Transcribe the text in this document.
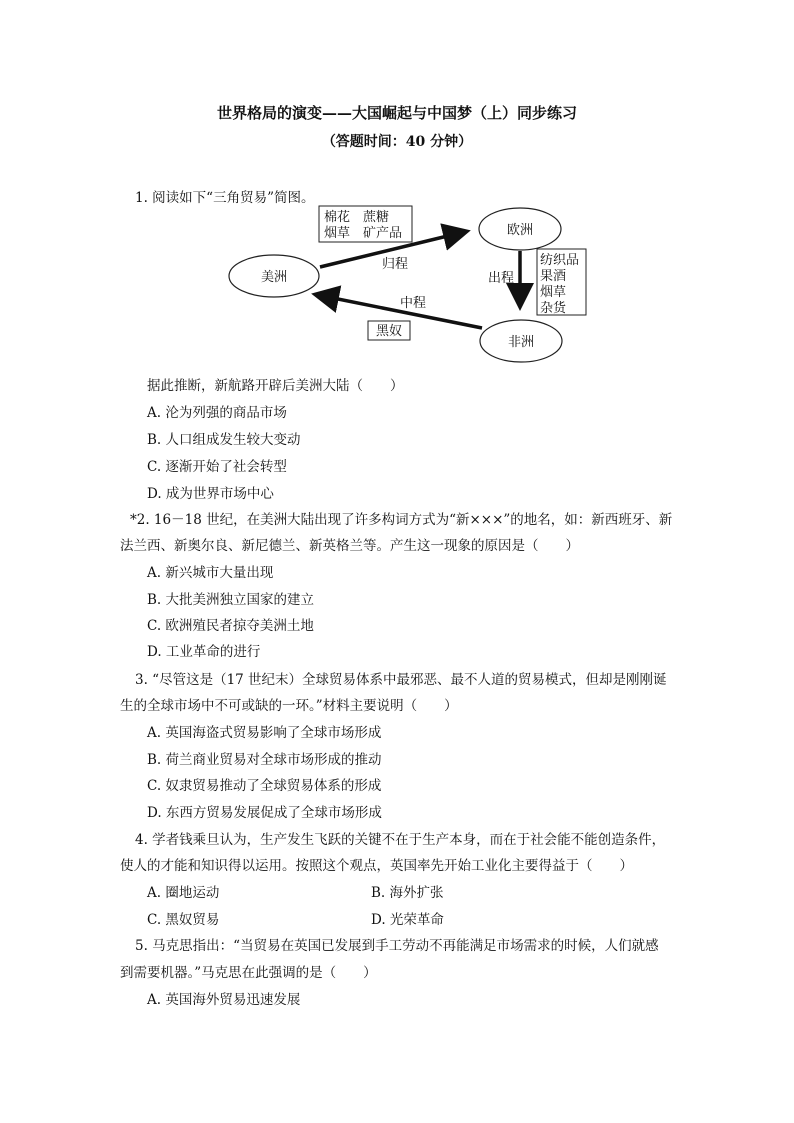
世界格局的演变——大国崛起与中国梦（上）同步练习
（答题时间：40 分钟）
1. 阅读如下“三角贸易”简图。
美洲
欧洲
非洲
归程
出程
中程
棉花　蔗糖
烟草　矿产品
纺织品
果酒
烟草
杂货
黑奴
据此推断，新航路开辟后美洲大陆（　　）
A. 沦为列强的商品市场
B. 人口组成发生较大变动
C. 逐渐开始了社会转型
D. 成为世界市场中心
*2. 16－18 世纪，在美洲大陆出现了许多构词方式为“新×××”的地名，如：新西班牙、新
法兰西、新奥尔良、新尼德兰、新英格兰等。产生这一现象的原因是（　　）
A. 新兴城市大量出现
B. 大批美洲独立国家的建立
C. 欧洲殖民者掠夺美洲土地
D. 工业革命的进行
3. “尽管这是（17 世纪末）全球贸易体系中最邪恶、最不人道的贸易模式，但却是刚刚诞
生的全球市场中不可或缺的一环。”材料主要说明（　　）
A. 英国海盗式贸易影响了全球市场形成
B. 荷兰商业贸易对全球市场形成的推动
C. 奴隶贸易推动了全球贸易体系的形成
D. 东西方贸易发展促成了全球市场形成
4. 学者钱乘旦认为，生产发生飞跃的关键不在于生产本身，而在于社会能不能创造条件，
使人的才能和知识得以运用。按照这个观点，英国率先开始工业化主要得益于（　　）
A. 圈地运动	B. 海外扩张
C. 黑奴贸易	D. 光荣革命
5. 马克思指出：“当贸易在英国已发展到手工劳动不再能满足市场需求的时候，人们就感
到需要机器。”马克思在此强调的是（　　）
A. 英国海外贸易迅速发展
